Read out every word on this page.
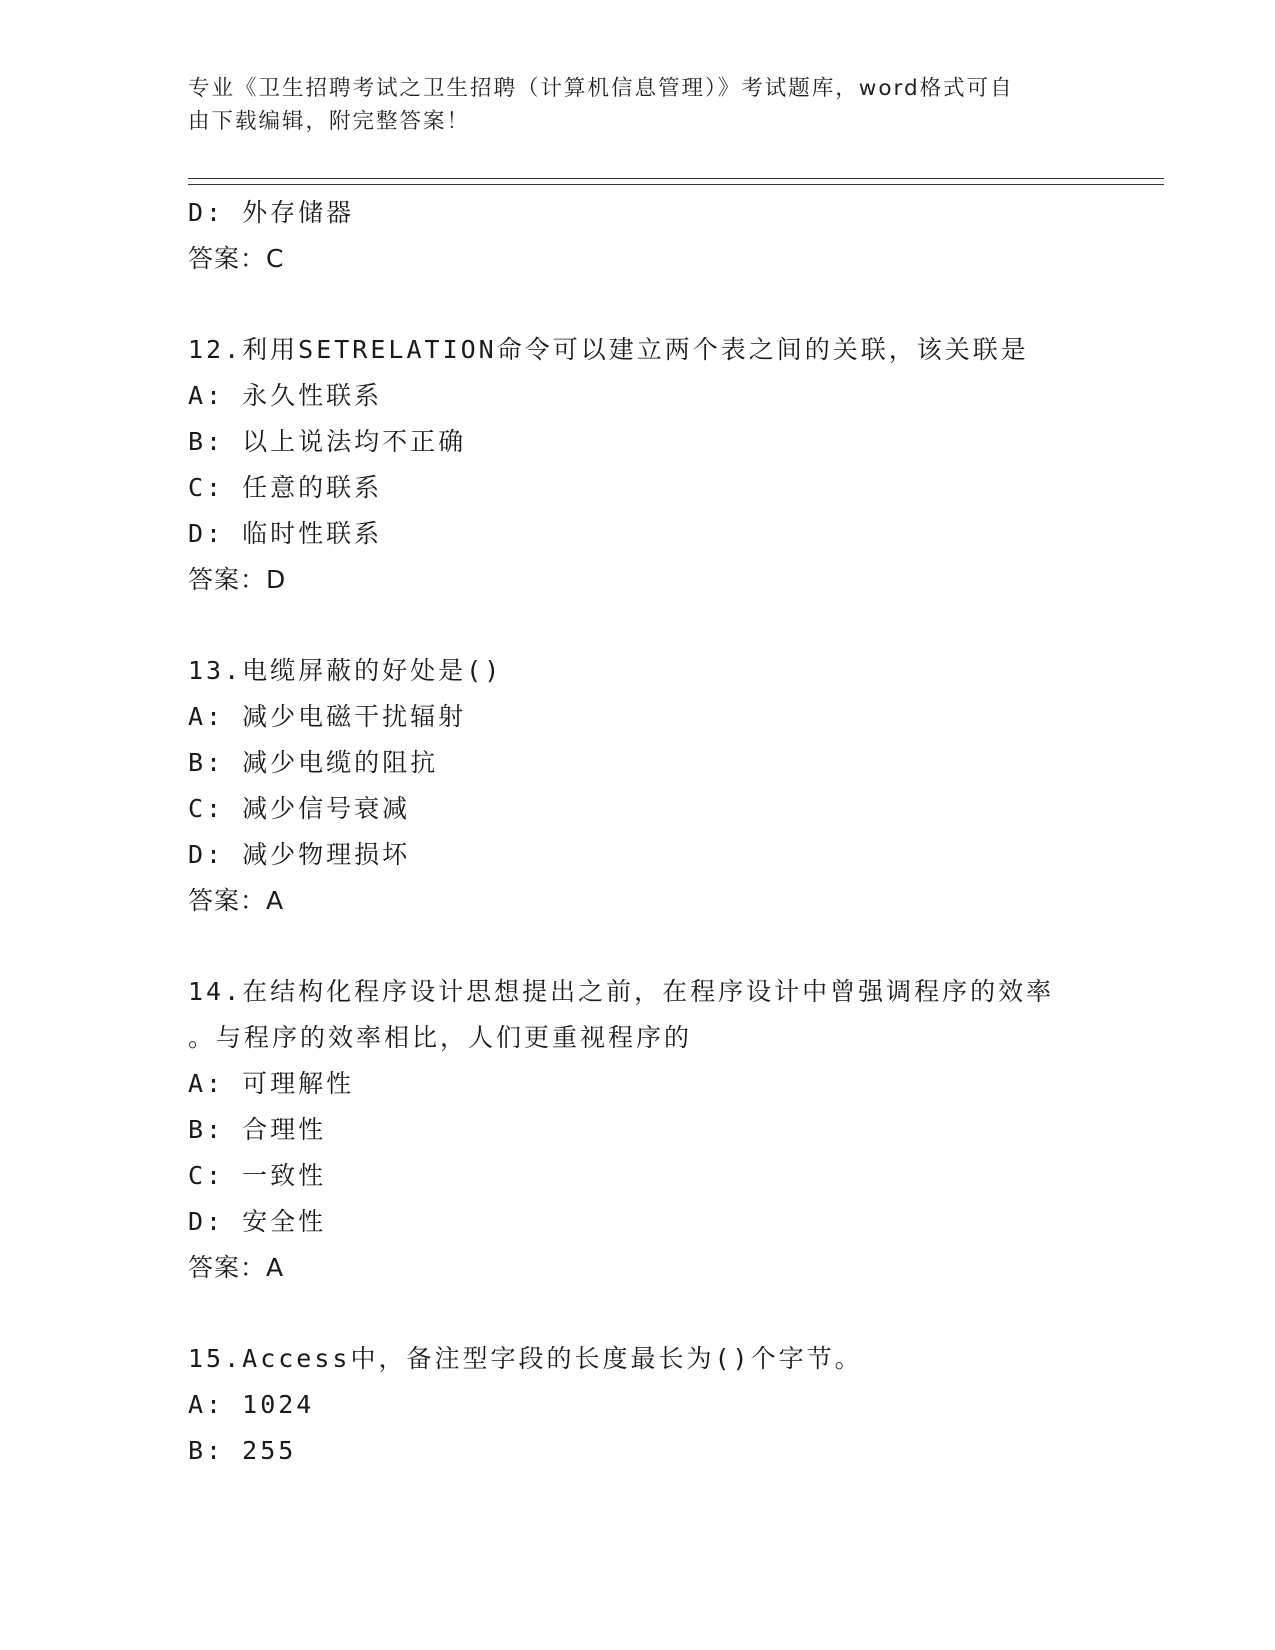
专业《卫生招聘考试之卫生招聘（计算机信息管理）》考试题库，word格式可自
由下载编辑，附完整答案！
D: 外存储器
答案：C
12.利用SETRELATION命令可以建立两个表之间的关联，该关联是
A: 永久性联系
B: 以上说法均不正确
C: 任意的联系
D: 临时性联系
答案：D
13.电缆屏蔽的好处是()
A: 减少电磁干扰辐射
B: 减少电缆的阻抗
C: 减少信号衰减
D: 减少物理损坏
答案：A
14.在结构化程序设计思想提出之前，在程序设计中曾强调程序的效率
。与程序的效率相比，人们更重视程序的
A: 可理解性
B: 合理性
C: 一致性
D: 安全性
答案：A
15.Access中，备注型字段的长度最长为()个字节。
A: 1024
B: 255
